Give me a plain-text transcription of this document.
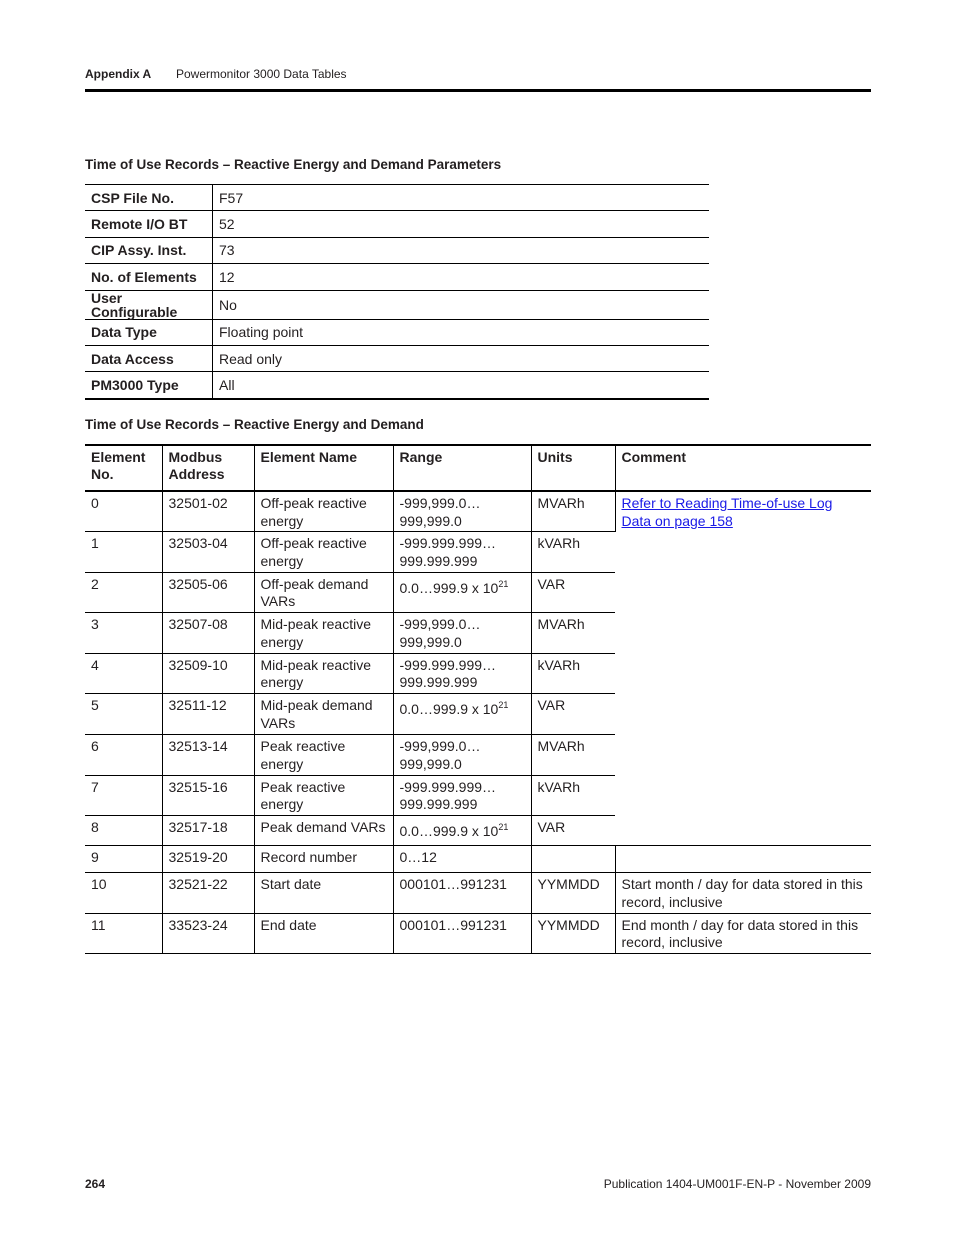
Appendix A Powermonitor 3000 Data Tables
Time of Use Records – Reactive Energy and Demand Parameters
CSP File No.	F57
Remote I/O BT	52
CIP Assy. Inst.	73
No. of Elements	12
User Configurable	No
Data Type	Floating point
Data Access	Read only
PM3000 Type	All
Time of Use Records – Reactive Energy and Demand
Element No.	Modbus Address	Element Name	Range	Units	Comment
0	32501-02	Off-peak reactive energy	-999,999.0… 999,999.0	MVARh	Refer to Reading Time-of-use Log Data on page 158
1	32503-04	Off-peak reactive energy	-999.999.999… 999.999.999	kVARh	
2	32505-06	Off-peak demand VARs	0.0…999.9 x $10^{21}$	VAR	
3	32507-08	Mid-peak reactive energy	-999,999.0… 999,999.0	MVARh	
4	32509-10	Mid-peak reactive energy	-999.999.999… 999.999.999	kVARh	
5	32511-12	Mid-peak demand VARs	0.0…999.9 x $10^{21}$	VAR	
6	32513-14	Peak reactive energy	-999,999.0… 999,999.0	MVARh	
7	32515-16	Peak reactive energy	-999.999.999… 999.999.999	kVARh	
8	32517-18	Peak demand VARs	0.0…999.9 x $10^{21}$	VAR	
9	32519-20	Record number	0…12		
10	32521-22	Start date	000101…991231	YYMMDD	Start month / day for data stored in this record, inclusive
11	33523-24	End date	000101…991231	YYMMDD	End month / day for data stored in this record, inclusive
264	Publication 1404-UM001F-EN-P - November 2009
